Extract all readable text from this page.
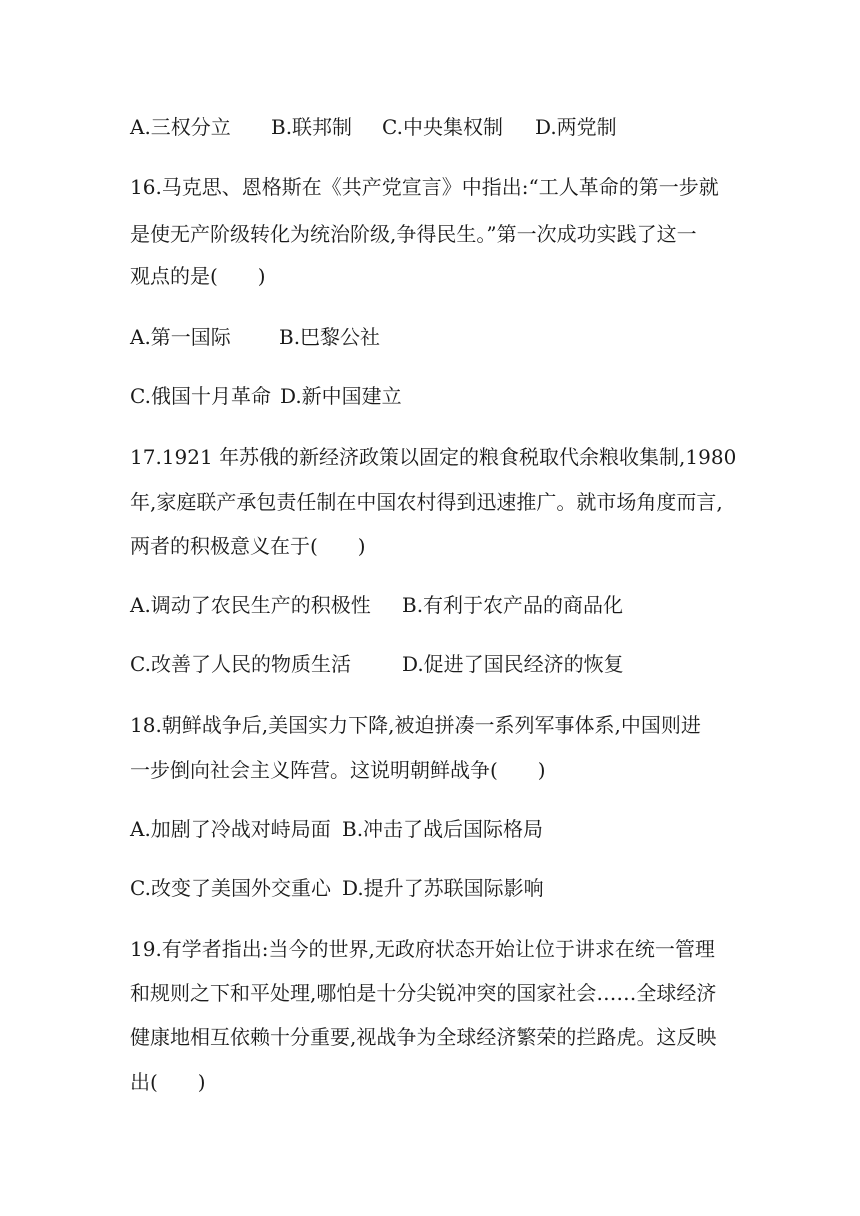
A.三权分立 B.联邦制 C.中央集权制 D.两党制
16.马克思、恩格斯在《共产党宣言》中指出:“工人革命的第一步就
是使无产阶级转化为统治阶级,争得民生。”第一次成功实践了这一
观点的是(　　)
A.第一国际 B.巴黎公社
C.俄国十月革命 D.新中国建立
17.1921 年苏俄的新经济政策以固定的粮食税取代余粮收集制,1980
年,家庭联产承包责任制在中国农村得到迅速推广。就市场角度而言,
两者的积极意义在于(　　)
A.调动了农民生产的积极性 B.有利于农产品的商品化
C.改善了人民的物质生活	D.促进了国民经济的恢复
18.朝鲜战争后,美国实力下降,被迫拼凑一系列军事体系,中国则进
一步倒向社会主义阵营。这说明朝鲜战争(　　)
A.加剧了冷战对峙局面 B.冲击了战后国际格局
C.改变了美国外交重心 D.提升了苏联国际影响
19.有学者指出:当今的世界,无政府状态开始让位于讲求在统一管理
和规则之下和平处理,哪怕是十分尖锐冲突的国家社会……全球经济
健康地相互依赖十分重要,视战争为全球经济繁荣的拦路虎。这反映
出(　　)
